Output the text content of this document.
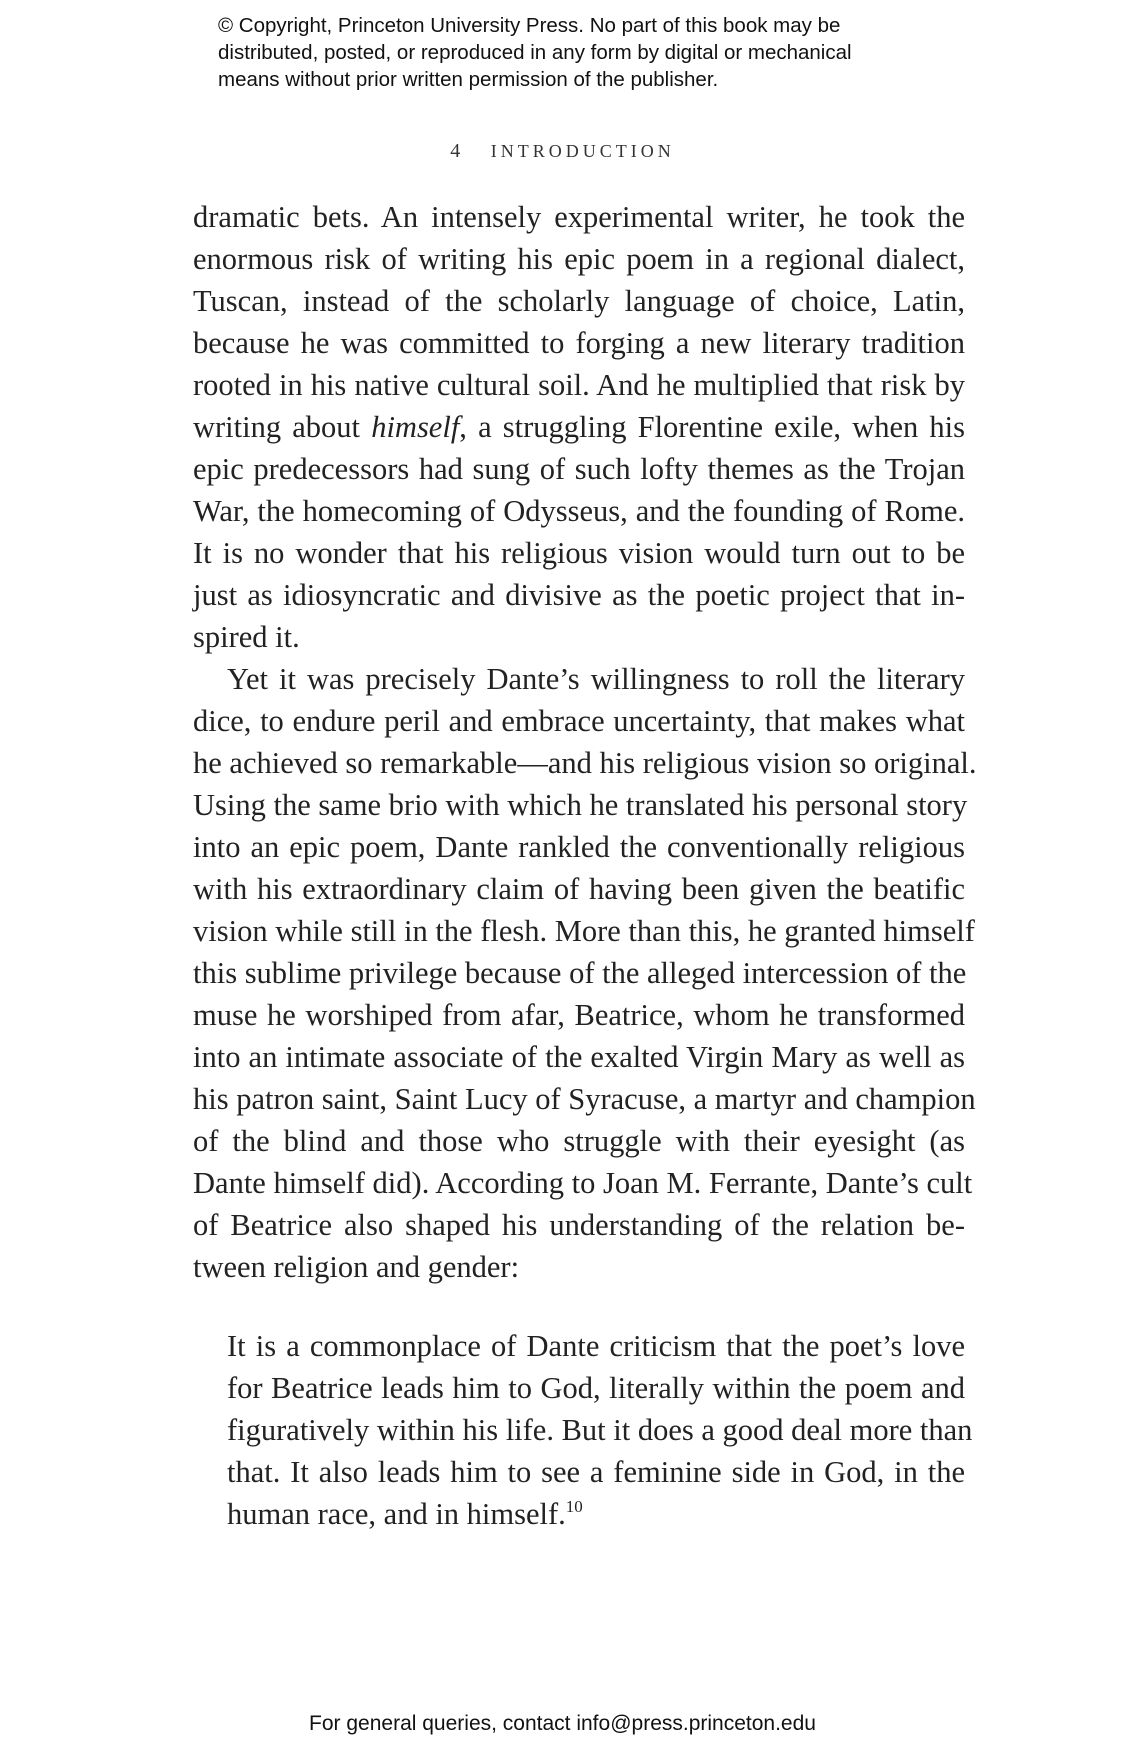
© Copyright, Princeton University Press. No part of this book may be
distributed, posted, or reproduced in any form by digital or mechanical
means without prior written permission of the publisher.
4 INTRODUCTION
dramatic bets. An intensely experimental writer, he took the
enormous risk of writing his epic poem in a regional dialect,
Tuscan, instead of the scholarly language of choice, Latin,
because he was committed to forging a new literary tradition
rooted in his native cultural soil. And he multiplied that risk by
writing about himself, a struggling Florentine exile, when his
epic predecessors had sung of such lofty themes as the Trojan
War, the homecoming of Odysseus, and the founding of Rome.
It is no wonder that his religious vision would turn out to be
just as idiosyncratic and divisive as the poetic project that in-
spired it.
Yet it was precisely Dante’s willingness to roll the literary
dice, to endure peril and embrace uncertainty, that makes what
he achieved so remarkable—and his religious vision so original.
Using the same brio with which he translated his personal story
into an epic poem, Dante rankled the conventionally religious
with his extraordinary claim of having been given the beatific
vision while still in the flesh. More than this, he granted himself
this sublime privilege because of the alleged intercession of the
muse he worshiped from afar, Beatrice, whom he transformed
into an intimate associate of the exalted Virgin Mary as well as
his patron saint, Saint Lucy of Syracuse, a martyr and champion
of the blind and those who struggle with their eyesight (as
Dante himself did). According to Joan M. Ferrante, Dante’s cult
of Beatrice also shaped his understanding of the relation be-
tween religion and gender:
It is a commonplace of Dante criticism that the poet’s love
for Beatrice leads him to God, literally within the poem and
figuratively within his life. But it does a good deal more than
that. It also leads him to see a feminine side in God, in the
human race, and in himself.$^{10}$
For general queries, contact info@press.princeton.edu
